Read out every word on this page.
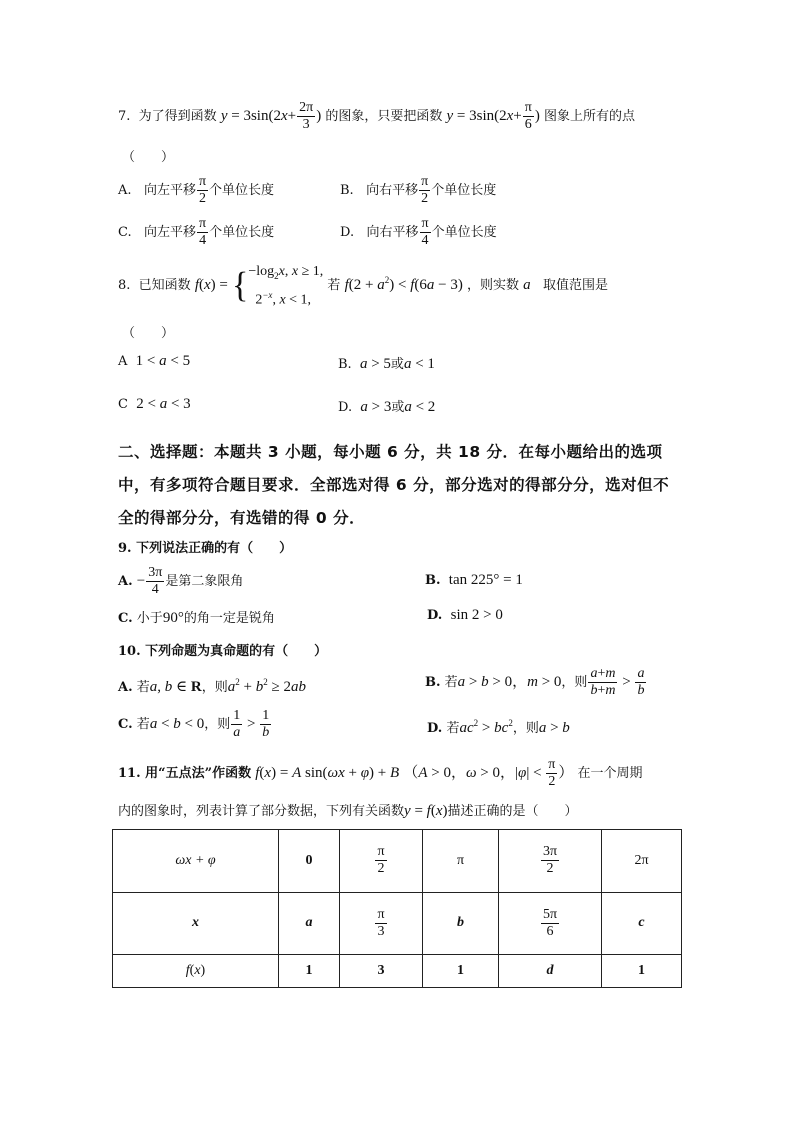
7. 为了得到函数 $y = 3\sin(2x+ \frac{2\pi}{3}$ ) 的图象，只要把函数 $y = 3\sin(2x+ \frac{\pi}{6}$ ) 图象上所有的点
（　　）
A. 向左平移 $\frac{\pi}{2}$ 个单位长度	B. 向右平移 $\frac{\pi}{2}$ 个单位长度
C. 向左平移 $\frac{\pi}{4}$ 个单位长度	D. 向右平移 $\frac{\pi}{4}$ 个单位长度
8. 已知函数 f(x) = { $-\log_2x$, x ≥ 1,
$2^{-x}$, x < 1,
若 $f(2 + a^2) < f(6a - 3)$ ，则实数 a 取值范围是
（　　）
A 1 < a < 5	B. a > 5或a < 1
C 2 < a < 3	D. a > 3或a < 2
二、选择题：本题共 3 小题，每小题 6 分，共 18 分．在每小题给出的选项
中，有多项符合题目要求．全部选对得 6 分，部分选对的得部分分，选对但不
全的得部分分，有选错的得 0 分．
9. 下列说法正确的有（　　）
A. − $\frac{3\pi}{4}$ 是第二象限角	B. tan 225° = 1
C. 小于90°的角一定是锐角	D. sin 2 > 0
10. 下列命题为真命题的有（　　）
A. 若a, b ∈ R，则$a^2 + b^2 \ge 2ab$	B. 若a > b > 0，m > 0，则 $\frac{a+m}{b+m} > \frac{a}{b}$
C. 若a < b < 0，则 $\frac{1}{a} > \frac{1}{b}$	D. 若$ac^2 > bc^2$，则a > b
11. 用“五点法”作函数 f(x) = A sin(ωx + φ) + B （A > 0，ω > 0，$|\varphi| < \frac{\pi}{2}$ ） 在一个周期
内的图象时，列表计算了部分数据，下列有关函数y = f(x)描述正确的是（　　）
ωx + φ	0	$\frac{\pi}{2}$	π	$\frac{3\pi}{2}$	2π
x	a	$\frac{\pi}{3}$	b	$\frac{5\pi}{6}$	c
f(x)	1	3	1	d	1
